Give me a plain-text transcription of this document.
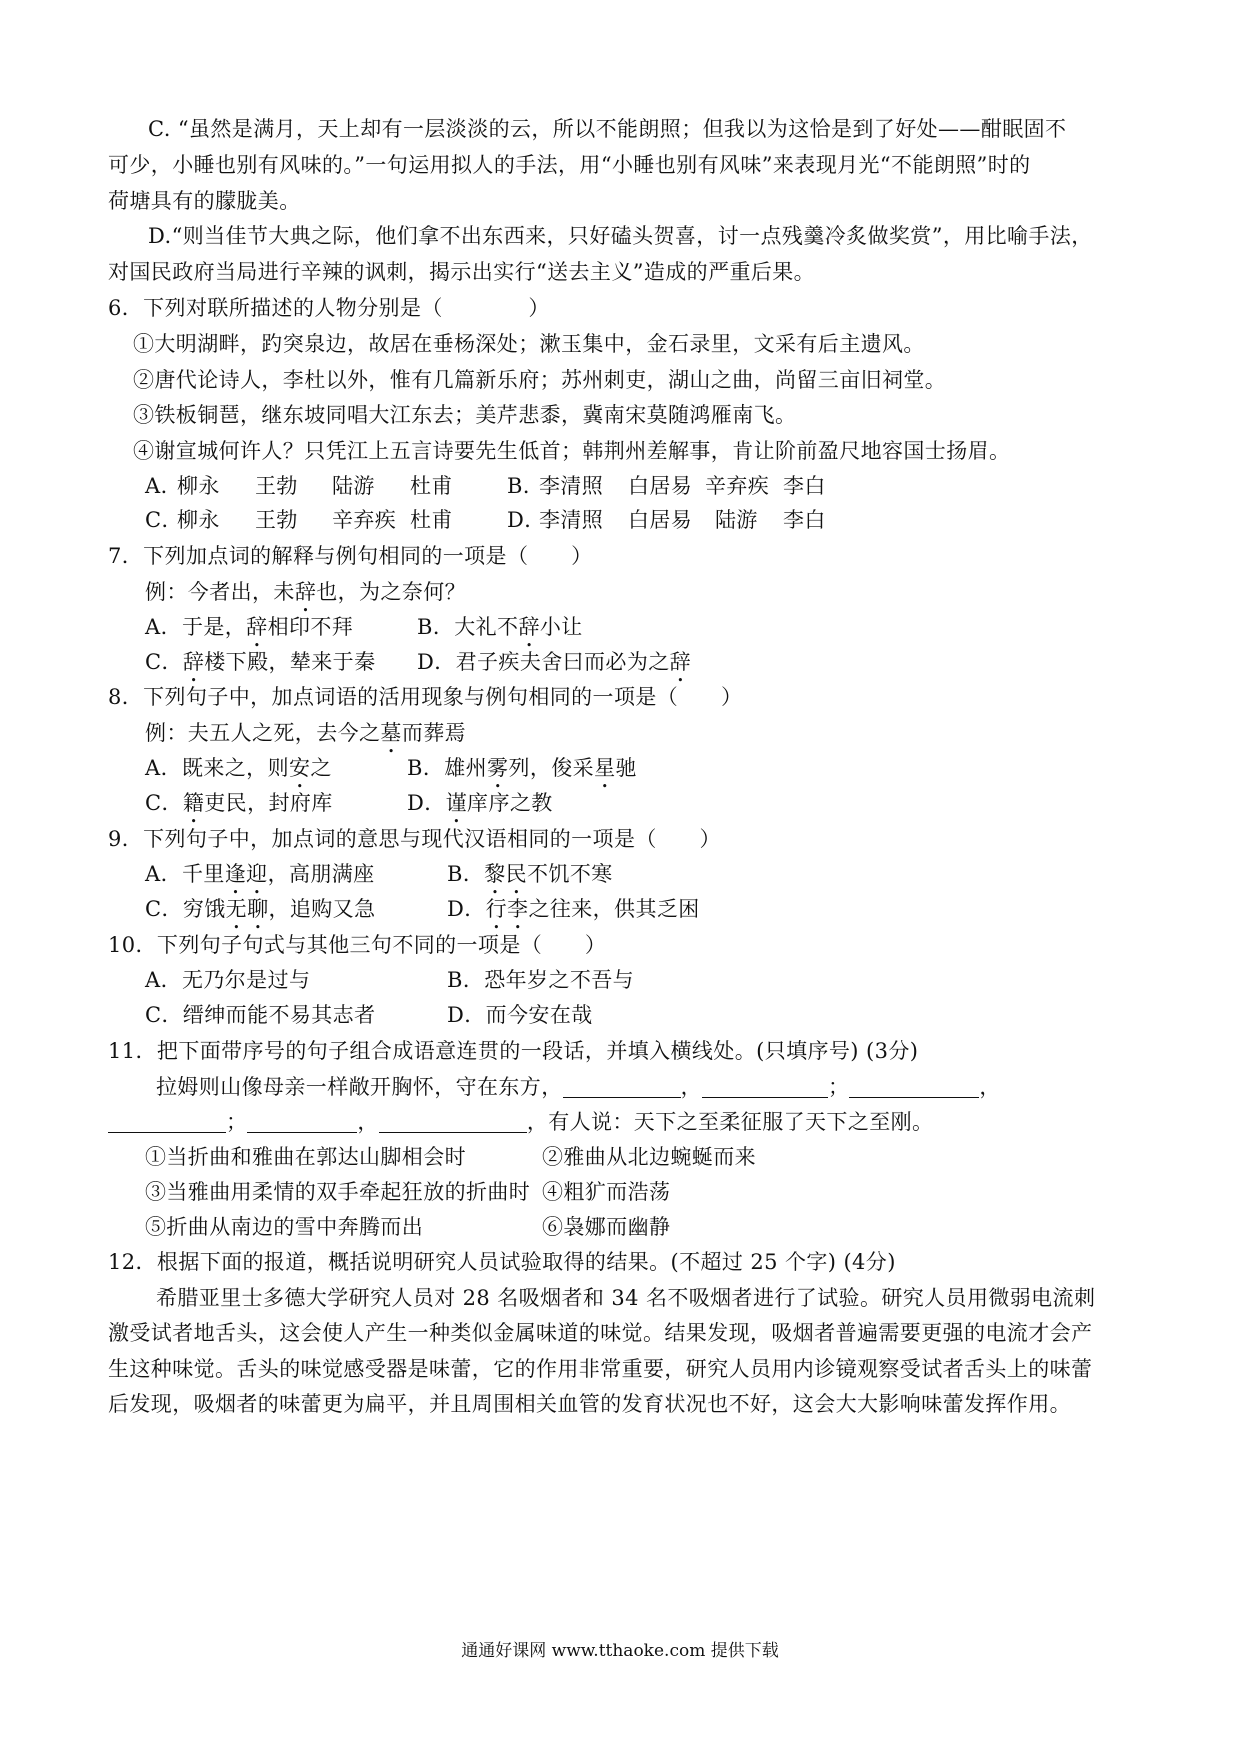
C. “虽然是满月，天上却有一层淡淡的云，所以不能朗照；但我以为这恰是到了好处——酣眠固不
可少，小睡也别有风味的。”一句运用拟人的手法，用“小睡也别有风味”来表现月光“不能朗照”时的
荷塘具有的朦胧美。
D.“则当佳节大典之际，他们拿不出东西来，只好磕头贺喜，讨一点残羹冷炙做奖赏”，用比喻手法，
对国民政府当局进行辛辣的讽刺，揭示出实行“送去主义”造成的严重后果。
6．下列对联所描述的人物分别是（　　　　）
①大明湖畔，趵突泉边，故居在垂杨深处；漱玉集中，金石录里，文采有后主遗风。
②唐代论诗人，李杜以外，惟有几篇新乐府；苏州刺吏，湖山之曲，尚留三亩旧祠堂。
③铁板铜琶，继东坡同唱大江东去；美芹悲黍，冀南宋莫随鸿雁南飞。
④谢宣城何许人？只凭江上五言诗要先生低首；韩荆州差解事，肯让阶前盈尺地容国士扬眉。
A．
柳永 王勃 陆游 杜甫	B．
李清照 白居易 辛弃疾 李白
C．
柳永 王勃 辛弃疾 杜甫	D．
李清照 白居易 陆游 李白
7．下列加点词的解释与例句相同的一项是（　　）
例：今者出，未辞也，为之奈何？
A．于是，辞相印不拜	B．大礼不辞小让
C．辞楼下殿，辇来于秦 D．君子疾夫舍曰而必为之辞
8．下列句子中，加点词语的活用现象与例句相同的一项是（　　）
例：夫五人之死，去今之墓而葬焉
A．既来之，则安之	B．雄州雾列，俊采星驰
C．籍吏民，封府库	D．谨庠序之教
9．下列句子中，加点词的意思与现代汉语相同的一项是（　　）
A．千里逢迎，高朋满座	B．黎民不饥不寒
C．穷饿无聊，追购又急	D．行李之往来，供其乏困
10．下列句子句式与其他三句不同的一项是（　　）
A．无乃尔是过与	B．恐年岁之不吾与
C．缙绅而能不易其志者	D．而今安在哉
11．把下面带序号的句子组合成语意连贯的一段话，并填入横线处。(只填序号) (3分)
拉姆则山像母亲一样敞开胸怀，守在东方，	，	；	，
；	，	，有人说：天下之至柔征服了天下之至刚。
①当折曲和雅曲在郭达山脚相会时	②雅曲从北边蜿蜒而来
③当雅曲用柔情的双手牵起狂放的折曲时 ④粗犷而浩荡
⑤折曲从南边的雪中奔腾而出	⑥袅娜而幽静
12．根据下面的报道，概括说明研究人员试验取得的结果。(不超过 25 个字) (4分)
希腊亚里士多德大学研究人员对 28 名吸烟者和 34 名不吸烟者进行了试验。研究人员用微弱电流刺
激受试者地舌头，这会使人产生一种类似金属味道的味觉。结果发现，吸烟者普遍需要更强的电流才会产
生这种味觉。舌头的味觉感受器是味蕾，它的作用非常重要，研究人员用内诊镜观察受试者舌头上的味蕾
后发现，吸烟者的味蕾更为扁平，并且周围相关血管的发育状况也不好，这会大大影响味蕾发挥作用。
通通好课网 www.tthaoke.com 提供下载
